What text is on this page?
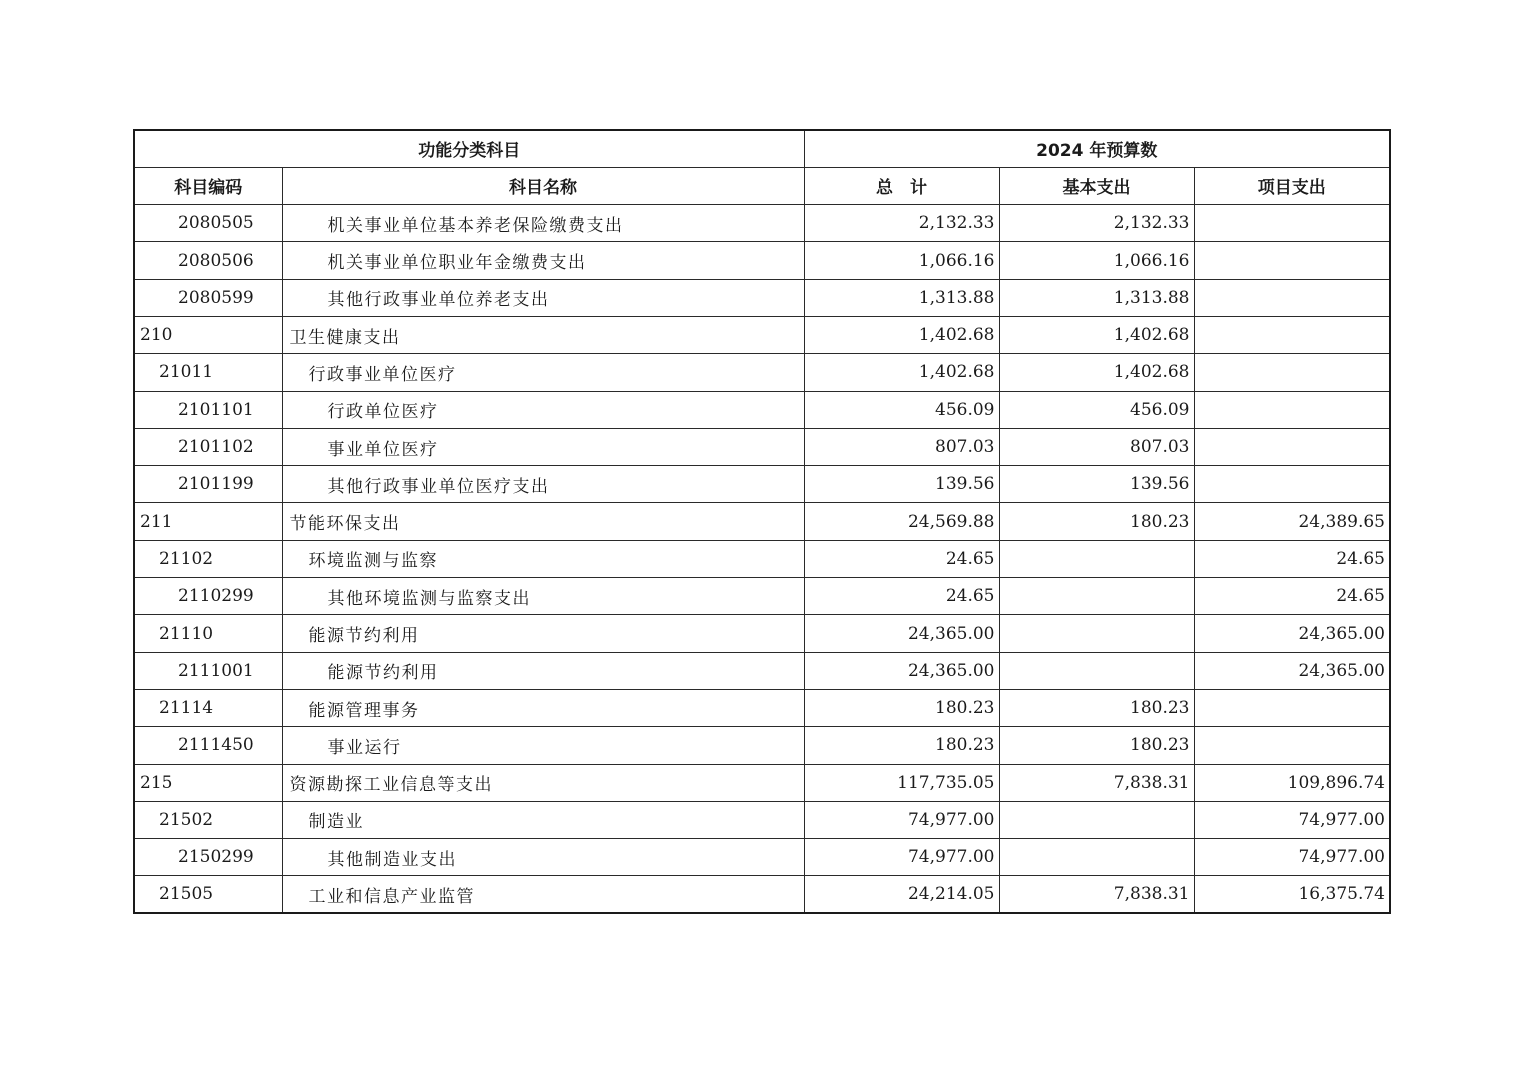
功能分类科目		2024 年预算数		
科目编码	科目名称	总　计	基本支出	项目支出
2080505	机关事业单位基本养老保险缴费支出	2,132.33	2,132.33	
2080506	机关事业单位职业年金缴费支出	1,066.16	1,066.16	
2080599	其他行政事业单位养老支出	1,313.88	1,313.88	
210	卫生健康支出	1,402.68	1,402.68	
21011	行政事业单位医疗	1,402.68	1,402.68	
2101101	行政单位医疗	456.09	456.09	
2101102	事业单位医疗	807.03	807.03	
2101199	其他行政事业单位医疗支出	139.56	139.56	
211	节能环保支出	24,569.88	180.23	24,389.65
21102	环境监测与监察	24.65		24.65
2110299	其他环境监测与监察支出	24.65		24.65
21110	能源节约利用	24,365.00		24,365.00
2111001	能源节约利用	24,365.00		24,365.00
21114	能源管理事务	180.23	180.23	
2111450	事业运行	180.23	180.23	
215	资源勘探工业信息等支出	117,735.05	7,838.31	109,896.74
21502	制造业	74,977.00		74,977.00
2150299	其他制造业支出	74,977.00		74,977.00
21505	工业和信息产业监管	24,214.05	7,838.31	16,375.74
